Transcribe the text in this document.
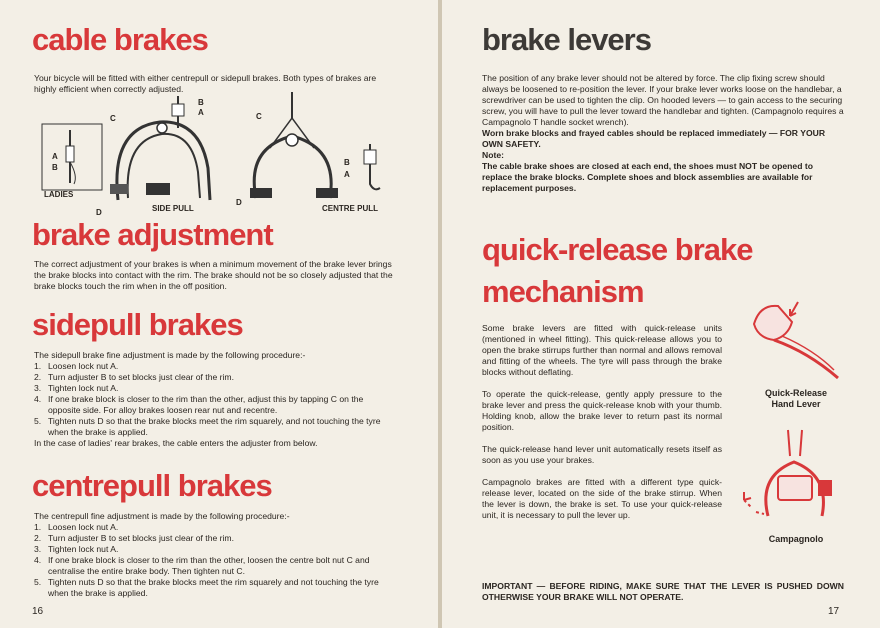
cable brakes
Your bicycle will be fitted with either centrepull or sidepull brakes. Both types of brakes are highly efficient when correctly adjusted.
A
B
B
A
C
D
C
D
B
A
LADIES
SIDE PULL	CENTRE PULL
brake adjustment
The correct adjustment of your brakes is when a minimum movement of the brake lever brings the brake blocks into contact with the rim. The brake should not be so closely adjusted that the brake blocks touch the rim when in the off position.
sidepull brakes

The sidepull brake fine adjustment is made by the following procedure:-

1. Loosen lock nut A.
2. Turn adjuster B to set blocks just clear of the rim.
3. Tighten lock nut A.
4. If one brake block is closer to the rim than the other, adjust this by tapping C on the opposite side. For alloy brakes loosen rear nut and recentre.
5. Tighten nuts D so that the brake blocks meet the rim squarely, and not touching the tyre when the brake is applied.

In the case of ladies' rear brakes, the cable enters the adjuster from below.

centrepull brakes

The centrepull fine adjustment is made by the following procedure:-

1. Loosen lock nut A.
2. Turn adjuster B to set blocks just clear of the rim.
3. Tighten lock nut A.
4. If one brake block is closer to the rim than the other, loosen the centre bolt nut C and centralise the entire brake body. Then tighten nut C.
5. Tighten nuts D so that the brake blocks meet the rim squarely and not touching the tyre when the brake is applied.
16
brake levers

The position of any brake lever should not be altered by force. The clip fixing screw should always be loosened to re-position the lever. If your brake lever works loose on the handlebar, a screwdriver can be used to tighten the clip. On hooded levers — to gain access to the securing screw, you will have to pull the lever toward the handlebar and tighten. (Campagnolo requires a Campagnolo T handle socket wrench).

Worn brake blocks and frayed cables should be replaced immediately — FOR YOUR OWN SAFETY.

Note:

The cable brake shoes are closed at each end, the shoes must NOT be opened to replace the brake blocks. Complete shoes and block assemblies are available for replacement purposes.

quick-release brake
mechanism

Some brake levers are fitted with quick-release units (mentioned in wheel fitting). This quick-release allows you to open the brake stirrups further than normal and allows removal and fitting of the wheels. The tyre will pass through the brake blocks without deflating.

To operate the quick-release, gently apply pressure to the brake lever and press the quick-release knob with your thumb. Holding knob, allow the brake lever to return past its normal position.

The quick-release hand lever unit automatically resets itself as soon as you use your brakes.

Campagnolo brakes are fitted with a different type quick-release lever, located on the side of the brake stirrup. When the lever is down, the brake is set. To use your quick-release unit, it is necessary to pull the lever up.

Quick-Release
Hand Lever
Campagnolo
IMPORTANT — BEFORE RIDING, MAKE SURE THAT THE LEVER IS PUSHED DOWN OTHERWISE YOUR BRAKE WILL NOT OPERATE.
17
